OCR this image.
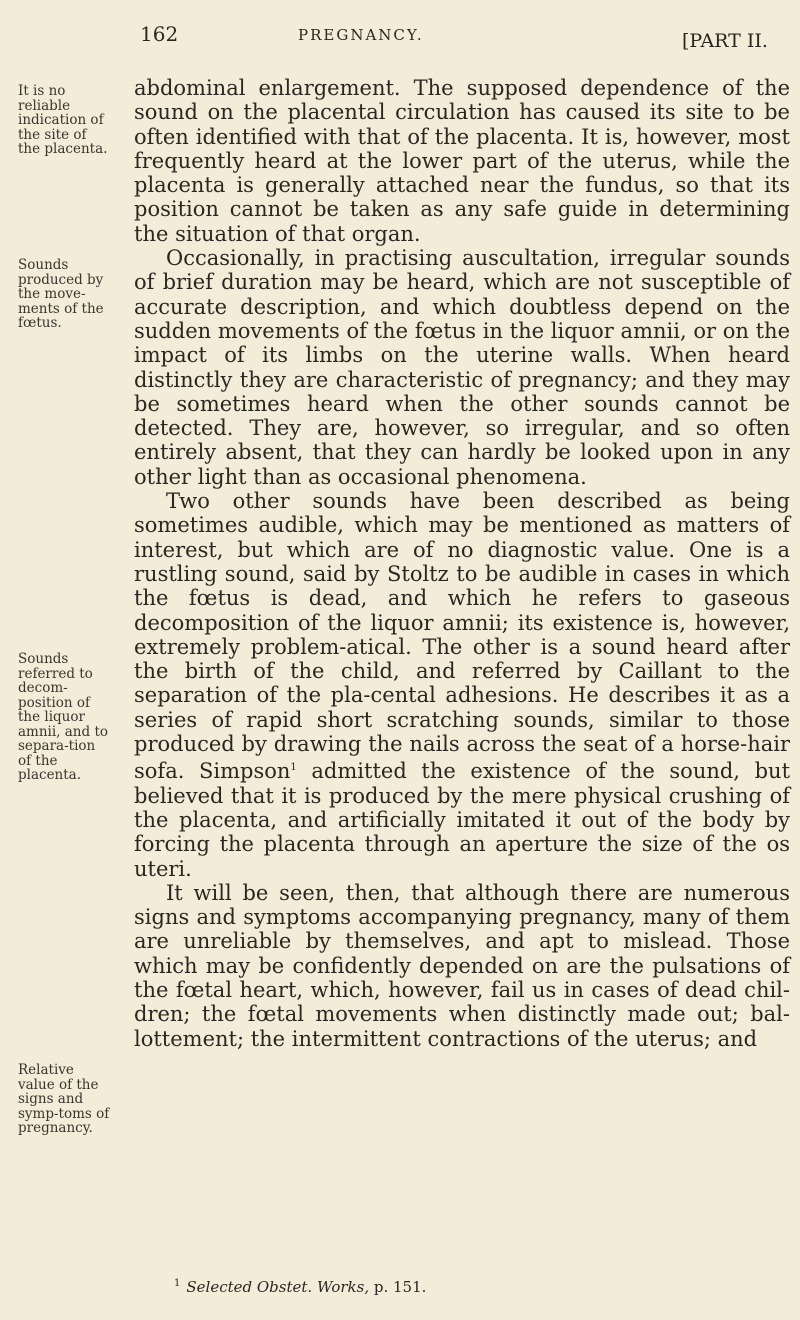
162	PREGNANCY.	[PART II.
It is no reliable indication of the site of the placenta.
Sounds produced by the move-ments of the fœtus.
Sounds referred to decom-position of the liquor amnii, and to separa-tion of the placenta.
Relative value of the signs and symp-toms of pregnancy.

abdominal enlargement. The supposed dependence of the sound on the placental circulation has caused its site to be often identified with that of the placenta. It is, however, most frequently heard at the lower part of the uterus, while the placenta is generally attached near the fundus, so that its position cannot be taken as any safe guide in determining the situation of that organ.

Occasionally, in practising auscultation, irregular sounds of brief duration may be heard, which are not susceptible of accurate description, and which doubtless depend on the sudden movements of the fœtus in the liquor amnii, or on the impact of its limbs on the uterine walls. When heard distinctly they are characteristic of pregnancy; and they may be sometimes heard when the other sounds cannot be detected. They are, however, so irregular, and so often entirely absent, that they can hardly be looked upon in any other light than as occasional phenomena.

Two other sounds have been described as being sometimes audible, which may be mentioned as matters of interest, but which are of no diagnostic value. One is a rustling sound, said by Stoltz to be audible in cases in which the fœtus is dead, and which he refers to gaseous decomposition of the liquor amnii; its existence is, however, extremely problem-atical. The other is a sound heard after the birth of the child, and referred by Caillant to the separation of the pla-cental adhesions. He describes it as a series of rapid short scratching sounds, similar to those produced by drawing the nails across the seat of a horse-hair sofa. Simpson$^1$ admitted the existence of the sound, but believed that it is produced by the mere physical crushing of the placenta, and artificially imitated it out of the body by forcing the placenta through an aperture the size of the os uteri.

It will be seen, then, that although there are numerous signs and symptoms accompanying pregnancy, many of them are unreliable by themselves, and apt to mislead. Those which may be confidently depended on are the pulsations of the fœtal heart, which, however, fail us in cases of dead chil-dren; the fœtal movements when distinctly made out; bal-lottement; the intermittent contractions of the uterus; and

$^1$ Selected Obstet. Works, p. 151.
